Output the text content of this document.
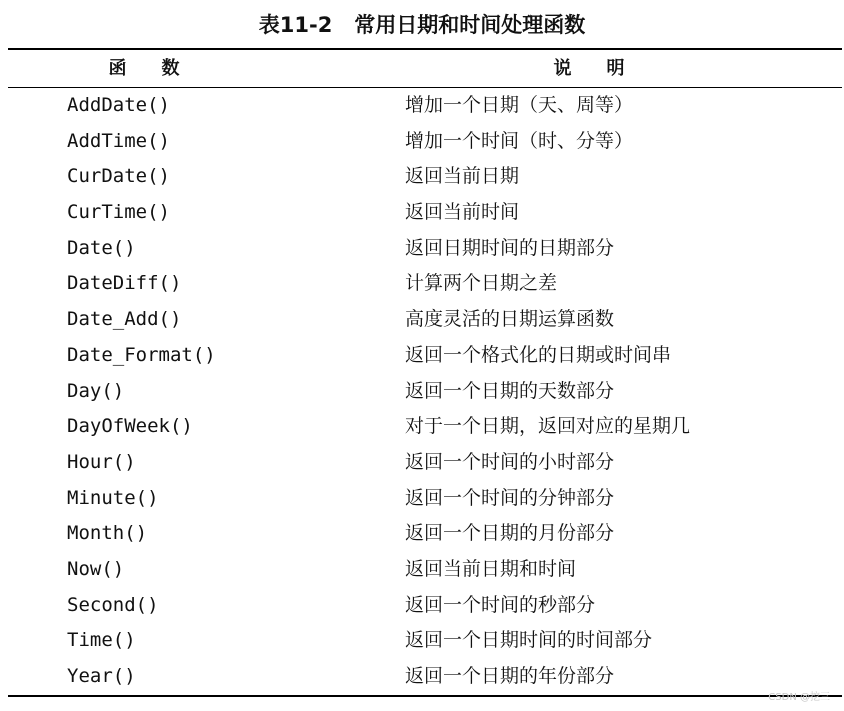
表11-2   常用日期和时间处理函数
函    数	说    明
AddDate()	增加一个日期（天、周等）
AddTime()	增加一个时间（时、分等）
CurDate()	返回当前日期
CurTime()	返回当前时间
Date()	返回日期时间的日期部分
DateDiff()	计算两个日期之差
Date_Add()	高度灵活的日期运算函数
Date_Format()	返回一个格式化的日期或时间串
Day()	返回一个日期的天数部分
DayOfWeek()	对于一个日期，返回对应的星期几
Hour()	返回一个时间的小时部分
Minute()	返回一个时间的分钟部分
Month()	返回一个日期的月份部分
Now()	返回当前日期和时间
Second()	返回一个时间的秒部分
Time()	返回一个日期时间的时间部分
Year()	返回一个日期的年份部分
CSDN @挖三
